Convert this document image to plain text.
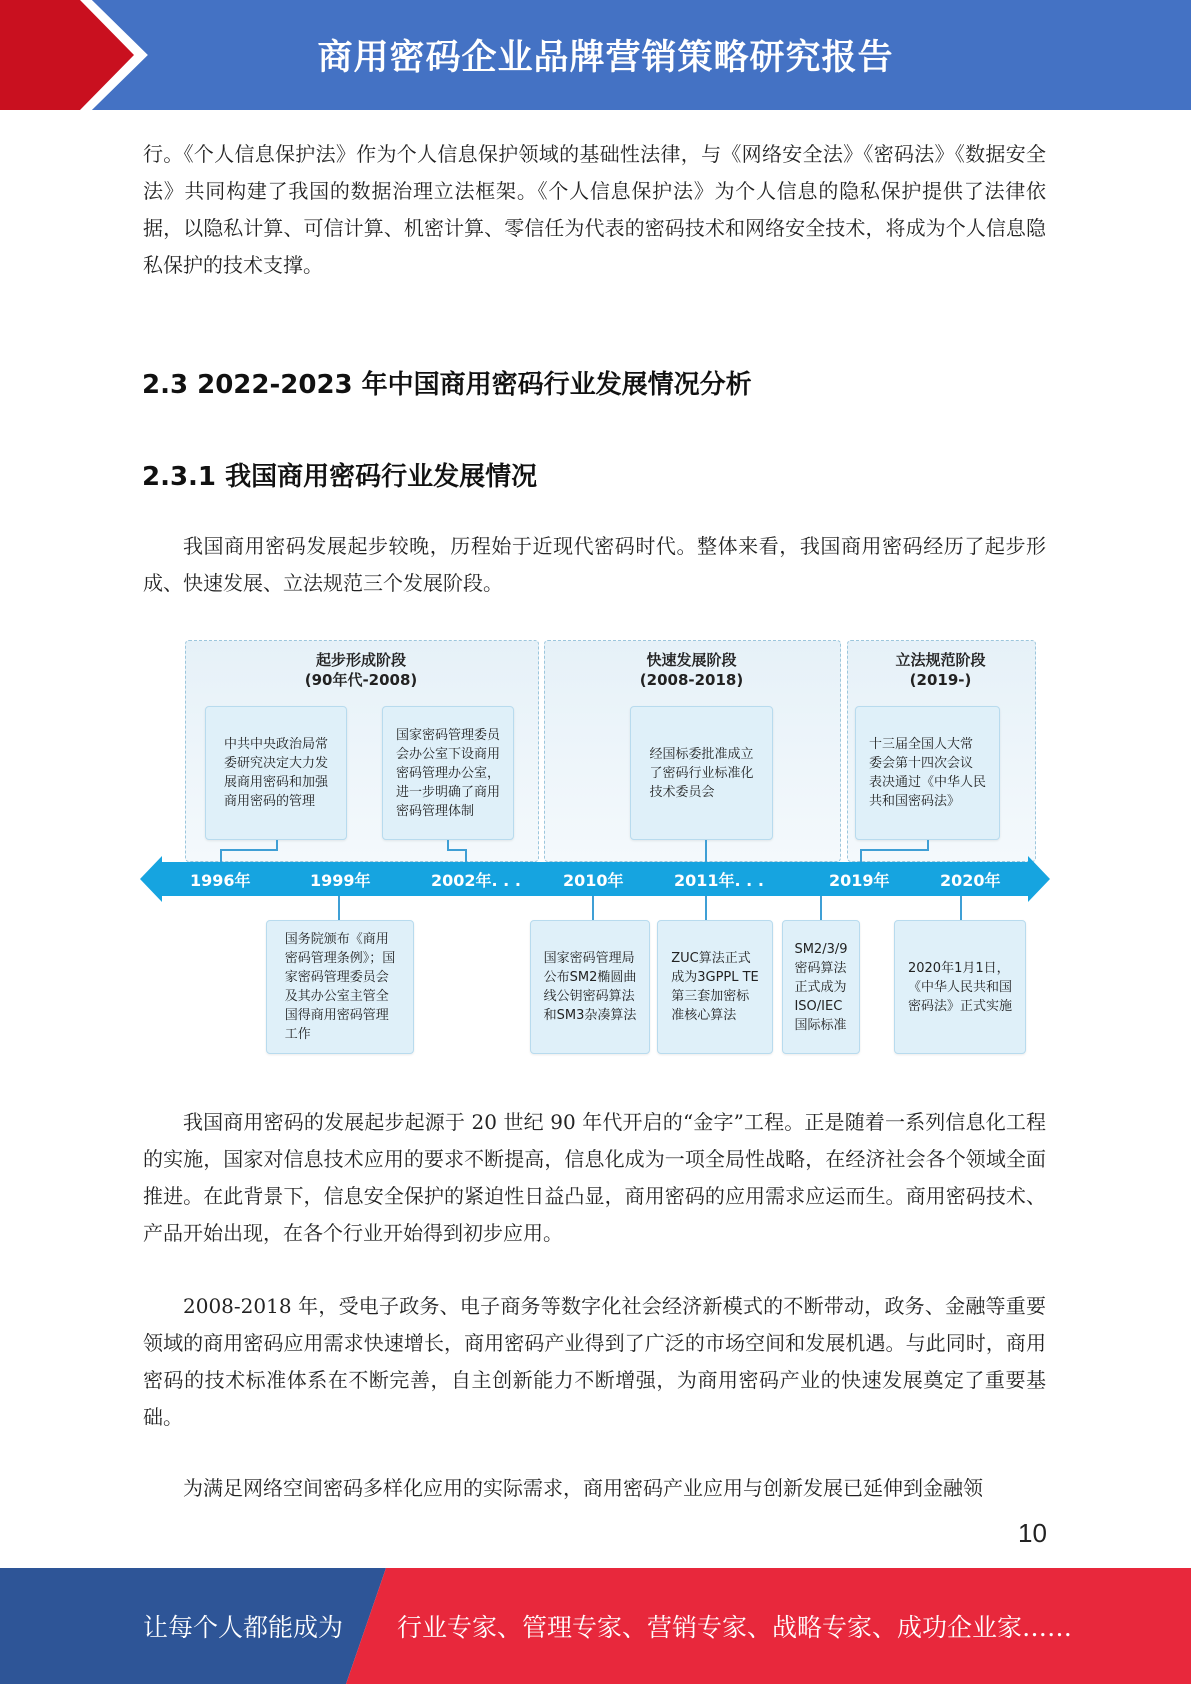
商用密码企业品牌营销策略研究报告

行。《个人信息保护法》作为个人信息保护领域的基础性法律，与《网络安全法》《密码法》《数据安全法》共同构建了我国的数据治理立法框架。《个人信息保护法》为个人信息的隐私保护提供了法律依据，以隐私计算、可信计算、机密计算、零信任为代表的密码技术和网络安全技术，将成为个人信息隐私保护的技术支撑。

2.3 2022-2023 年中国商用密码行业发展情况分析
2.3.1 我国商用密码行业发展情况

我国商用密码发展起步较晚，历程始于近现代密码时代。整体来看，我国商用密码经历了起步形成、快速发展、立法规范三个发展阶段。

起步形成阶段
(90年代-2008)
快速发展阶段
(2008-2018)
立法规范阶段
(2019-)
中共中央政治局常
委研究决定大力发
展商用密码和加强
商用密码的管理
国家密码管理委员
会办公室下设商用
密码管理办公室，
进一步明确了商用
密码管理体制
经国标委批准成立
了密码行业标准化
技术委员会
十三届全国人大常
委会第十四次会议
表决通过《中华人民
共和国密码法》
1996年	1999年	2002年. . .	2010年	2011年. . .	2019年	2020年
国务院颁布《商用
密码管理条例》；国
家密码管理委员会
及其办公室主管全
国得商用密码管理
工作
国家密码管理局
公布SM2椭圆曲
线公钥密码算法
和SM3杂凑算法
ZUC算法正式
成为3GPPL TE
第三套加密标
准核心算法
SM2/3/9
密码算法
正式成为
ISO/IEC
国际标准
2020年1月1日，
《中华人民共和国
密码法》正式实施

我国商用密码的发展起步起源于 20 世纪 90 年代开启的“金字”工程。正是随着一系列信息化工程的实施，国家对信息技术应用的要求不断提高，信息化成为一项全局性战略，在经济社会各个领域全面推进。在此背景下，信息安全保护的紧迫性日益凸显，商用密码的应用需求应运而生。商用密码技术、产品开始出现，在各个行业开始得到初步应用。

2008-2018 年，受电子政务、电子商务等数字化社会经济新模式的不断带动，政务、金融等重要领域的商用密码应用需求快速增长，商用密码产业得到了广泛的市场空间和发展机遇。与此同时，商用密码的技术标准体系在不断完善，自主创新能力不断增强，为商用密码产业的快速发展奠定了重要基础。

为满足网络空间密码多样化应用的实际需求，商用密码产业应用与创新发展已延伸到金融领

10
让每个人都能成为 行业专家、管理专家、营销专家、战略专家、成功企业家……
